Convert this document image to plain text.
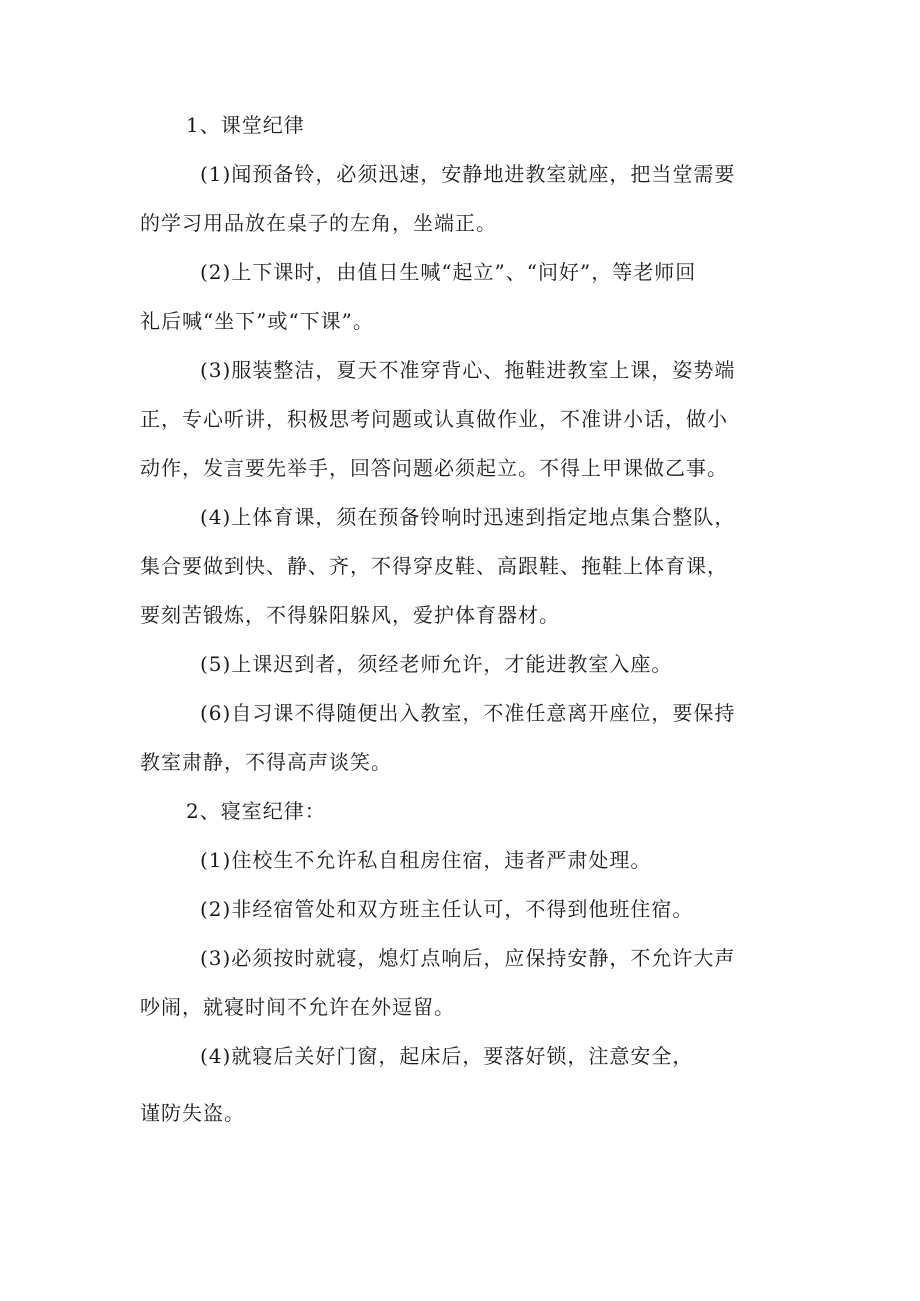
1、课堂纪律
(1)闻预备铃，必须迅速，安静地进教室就座，把当堂需要
的学习用品放在桌子的左角，坐端正。
(2)上下课时，由值日生喊“起立”、“问好”，等老师回
礼后喊“坐下”或“下课”。
(3)服装整洁，夏天不准穿背心、拖鞋进教室上课，姿势端
正，专心听讲，积极思考问题或认真做作业，不准讲小话，做小
动作，发言要先举手，回答问题必须起立。不得上甲课做乙事。
(4)上体育课，须在预备铃响时迅速到指定地点集合整队，
集合要做到快、静、齐，不得穿皮鞋、高跟鞋、拖鞋上体育课，
要刻苦锻炼，不得躲阳躲风，爱护体育器材。
(5)上课迟到者，须经老师允许，才能进教室入座。
(6)自习课不得随便出入教室，不准任意离开座位，要保持
教室肃静，不得高声谈笑。
2、寝室纪律：
(1)住校生不允许私自租房住宿，违者严肃处理。
(2)非经宿管处和双方班主任认可，不得到他班住宿。
(3)必须按时就寝，熄灯点响后，应保持安静，不允许大声
吵闹，就寝时间不允许在外逗留。
(4)就寝后关好门窗，起床后，要落好锁，注意安全，
谨防失盗。
